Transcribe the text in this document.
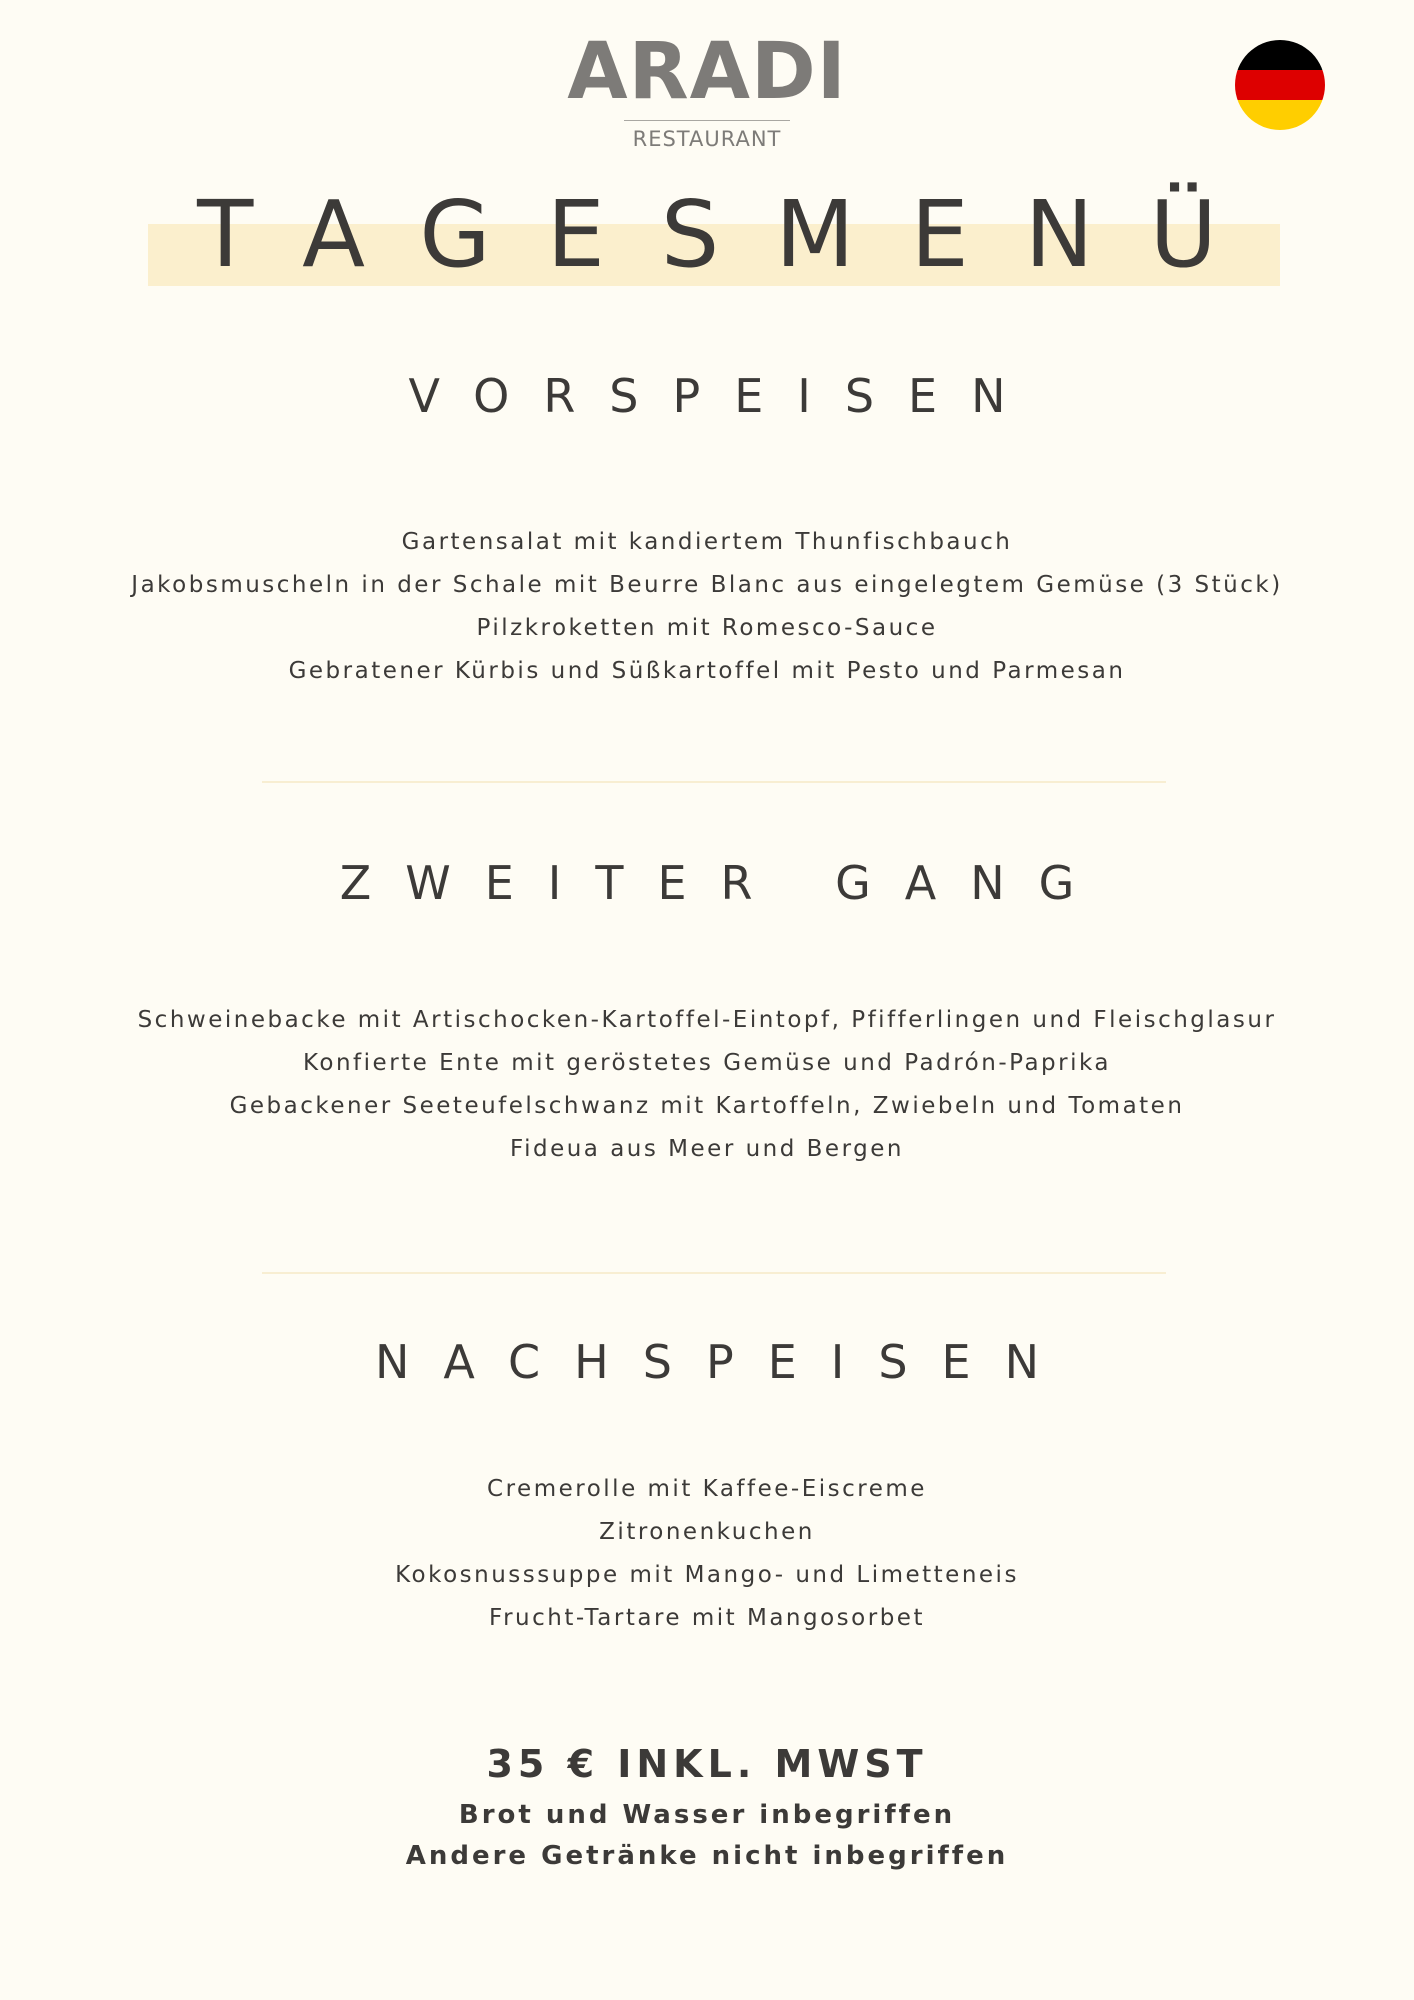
ARADI
RESTAURANT
TAGESMENÜ
VORSPEISEN
Gartensalat mit kandiertem Thunfischbauch
Jakobsmuscheln in der Schale mit Beurre Blanc aus eingelegtem Gemüse (3 Stück)
Pilzkroketten mit Romesco-Sauce
Gebratener Kürbis und Süßkartoffel mit Pesto und Parmesan
ZWEITER GANG
Schweinebacke mit Artischocken-Kartoffel-Eintopf, Pfifferlingen und Fleischglasur
Konfierte Ente mit geröstetes Gemüse und Padrón-Paprika
Gebackener Seeteufelschwanz mit Kartoffeln, Zwiebeln und Tomaten
Fideua aus Meer und Bergen
NACHSPEISEN
Cremerolle mit Kaffee-Eiscreme
Zitronenkuchen
Kokosnusssuppe mit Mango- und Limetteneis
Frucht-Tartare mit Mangosorbet
35 € INKL. MWST
Brot und Wasser inbegriffen
Andere Getränke nicht inbegriffen
